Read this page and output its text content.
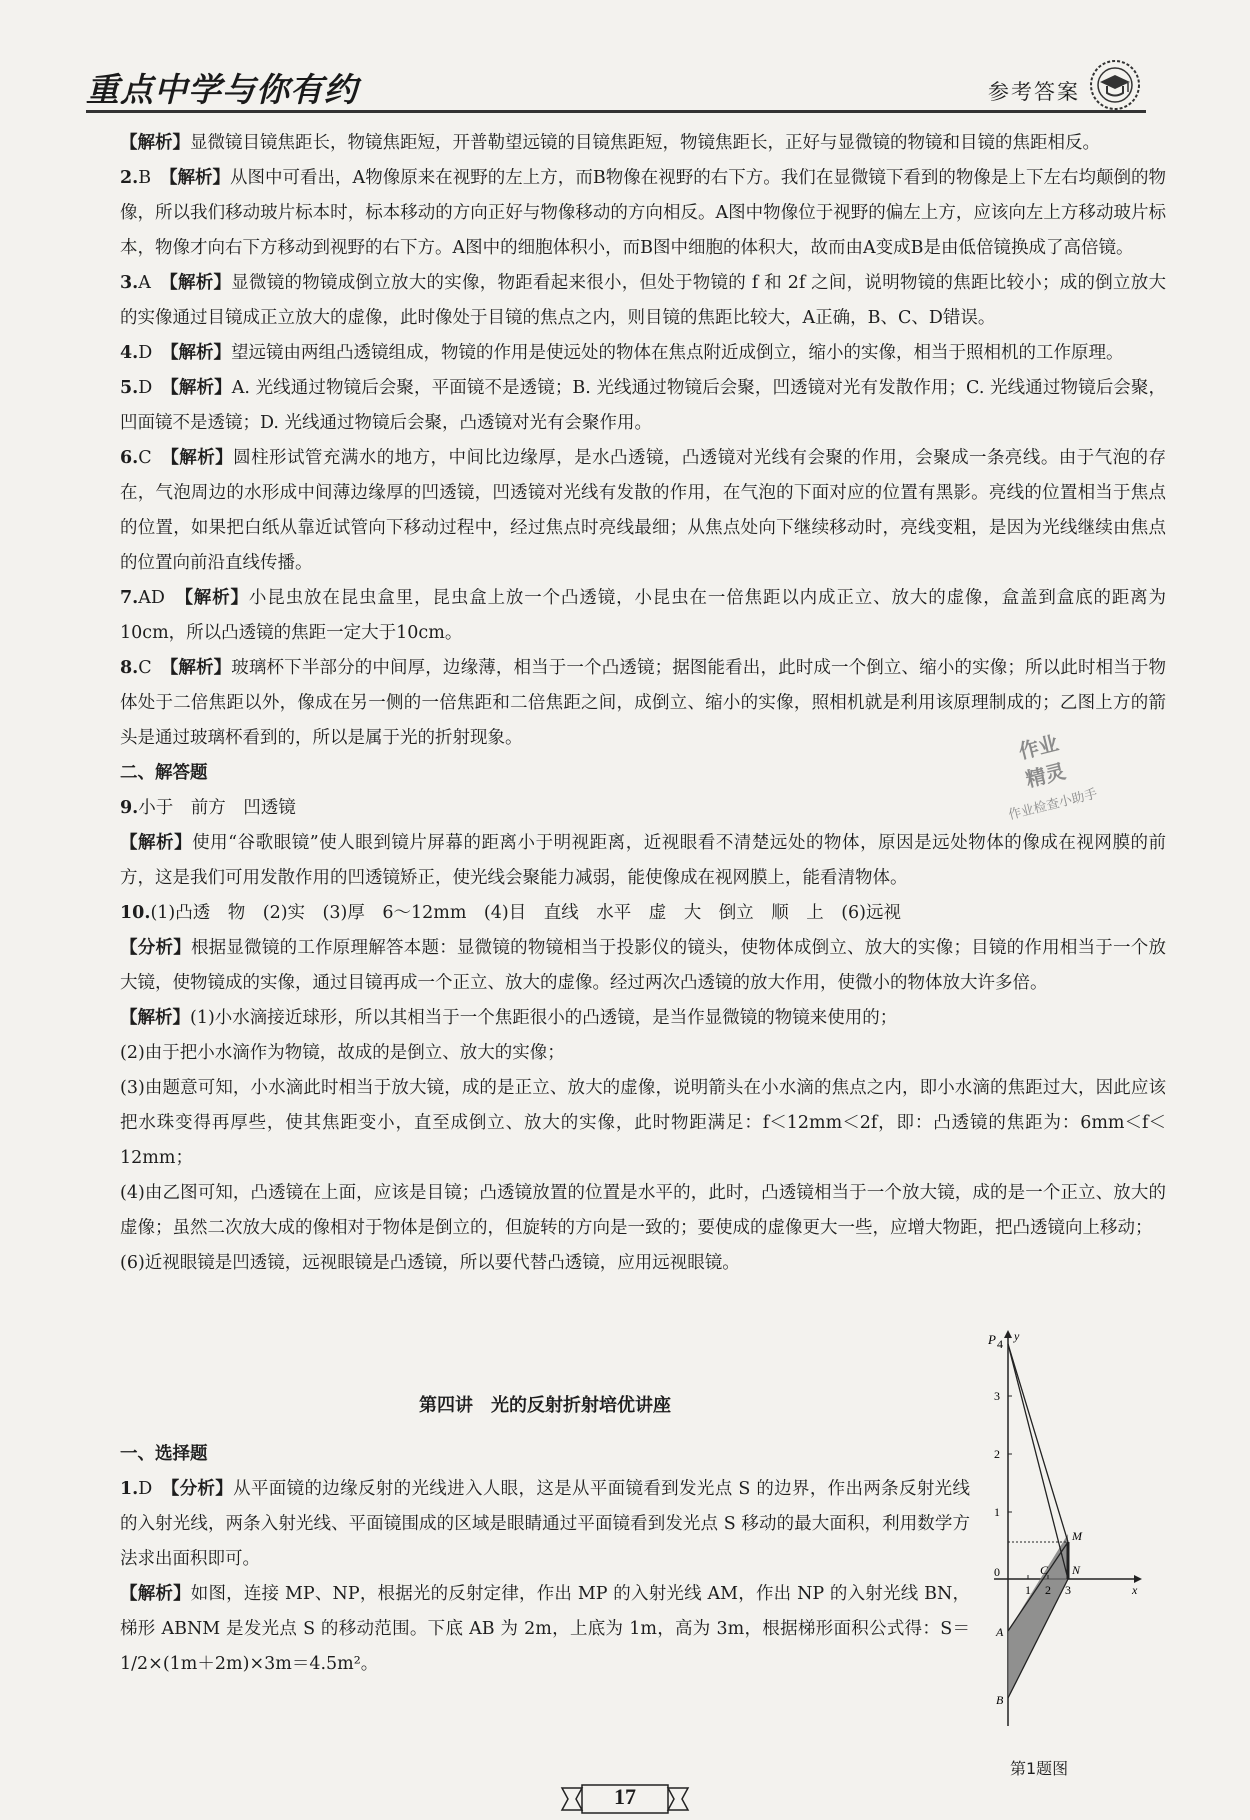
重点中学与你有约	参考答案

【解析】显微镜目镜焦距长，物镜焦距短，开普勒望远镜的目镜焦距短，物镜焦距长，正好与显微镜的物镜和目镜的焦距相反。

2.B　 【解析】从图中可看出，A物像原来在视野的左上方，而B物像在视野的右下方。我们在显微镜下看到的物像是上下左右均颠倒的物像，所以我们移动玻片标本时，标本移动的方向正好与物像移动的方向相反。A图中物像位于视野的偏左上方，应该向左上方移动玻片标本，物像才向右下方移动到视野的右下方。A图中的细胞体积小，而B图中细胞的体积大，故而由A变成B是由低倍镜换成了高倍镜。

3.A　 【解析】显微镜的物镜成倒立放大的实像，物距看起来很小，但处于物镜的 f 和 2f 之间，说明物镜的焦距比较小；成的倒立放大的实像通过目镜成正立放大的虚像，此时像处于目镜的焦点之内，则目镜的焦距比较大，A正确，B、C、D错误。

4.D　 【解析】望远镜由两组凸透镜组成，物镜的作用是使远处的物体在焦点附近成倒立，缩小的实像，相当于照相机的工作原理。

5.D　 【解析】A. 光线通过物镜后会聚，平面镜不是透镜；B. 光线通过物镜后会聚，凹透镜对光有发散作用；C. 光线通过物镜后会聚，凹面镜不是透镜；D. 光线通过物镜后会聚，凸透镜对光有会聚作用。

6.C　 【解析】圆柱形试管充满水的地方，中间比边缘厚，是水凸透镜，凸透镜对光线有会聚的作用，会聚成一条亮线。由于气泡的存在，气泡周边的水形成中间薄边缘厚的凹透镜，凹透镜对光线有发散的作用，在气泡的下面对应的位置有黑影。亮线的位置相当于焦点的位置，如果把白纸从靠近试管向下移动过程中，经过焦点时亮线最细；从焦点处向下继续移动时，亮线变粗，是因为光线继续由焦点的位置向前沿直线传播。

7.AD　 【解析】小昆虫放在昆虫盒里，昆虫盒上放一个凸透镜，小昆虫在一倍焦距以内成正立、放大的虚像，盒盖到盒底的距离为10cm，所以凸透镜的焦距一定大于10cm。

8.C　 【解析】玻璃杯下半部分的中间厚，边缘薄，相当于一个凸透镜；据图能看出，此时成一个倒立、缩小的实像；所以此时相当于物体处于二倍焦距以外，像成在另一侧的一倍焦距和二倍焦距之间，成倒立、缩小的实像，照相机就是利用该原理制成的；乙图上方的箭头是通过玻璃杯看到的，所以是属于光的折射现象。

二、解答题

9.小于　前方　凹透镜

【解析】使用“谷歌眼镜”使人眼到镜片屏幕的距离小于明视距离，近视眼看不清楚远处的物体，原因是远处物体的像成在视网膜的前方，这是我们可用发散作用的凹透镜矫正，使光线会聚能力减弱，能使像成在视网膜上，能看清物体。

10.(1)凸透　物　(2)实　(3)厚　6～12mm　(4)目　直线　水平　虚　大　倒立　顺　上　(6)远视

【分析】根据显微镜的工作原理解答本题：显微镜的物镜相当于投影仪的镜头，使物体成倒立、放大的实像；目镜的作用相当于一个放大镜，使物镜成的实像，通过目镜再成一个正立、放大的虚像。经过两次凸透镜的放大作用，使微小的物体放大许多倍。

【解析】(1)小水滴接近球形，所以其相当于一个焦距很小的凸透镜，是当作显微镜的物镜来使用的；

(2)由于把小水滴作为物镜，故成的是倒立、放大的实像；

(3)由题意可知，小水滴此时相当于放大镜，成的是正立、放大的虚像，说明箭头在小水滴的焦点之内，即小水滴的焦距过大，因此应该把水珠变得再厚些，使其焦距变小，直至成倒立、放大的实像，此时物距满足：f＜12mm＜2f，即：凸透镜的焦距为：6mm＜f＜12mm；

(4)由乙图可知，凸透镜在上面，应该是目镜；凸透镜放置的位置是水平的，此时，凸透镜相当于一个放大镜，成的是一个正立、放大的虚像；虽然二次放大成的像相对于物体是倒立的，但旋转的方向是一致的；要使成的虚像更大一些，应增大物距，把凸透镜向上移动；

(6)近视眼镜是凹透镜，远视眼镜是凸透镜，所以要代替凸透镜，应用远视眼镜。

第四讲　光的反射折射培优讲座

一、选择题

1.D　 【分析】从平面镜的边缘反射的光线进入人眼，这是从平面镜看到发光点 S 的边界，作出两条反射光线的入射光线，两条入射光线、平面镜围成的区域是眼睛通过平面镜看到发光点 S 移动的最大面积，利用数学方法求出面积即可。

【解析】如图，连接 MP、NP，根据光的反射定律，作出 MP 的入射光线 AM，作出 NP 的入射光线 BN，梯形 ABNM 是发光点 S 的移动范围。下底 AB 为 2m，上底为 1m，高为 3m，根据梯形面积公式得：S＝1/2×(1m＋2m)×3m＝4.5m²。

P 4
y
3
2
1
0
1 2 3	x
M
N
C
A
B
第1题图
作业
精灵
作业检查小助手
17
